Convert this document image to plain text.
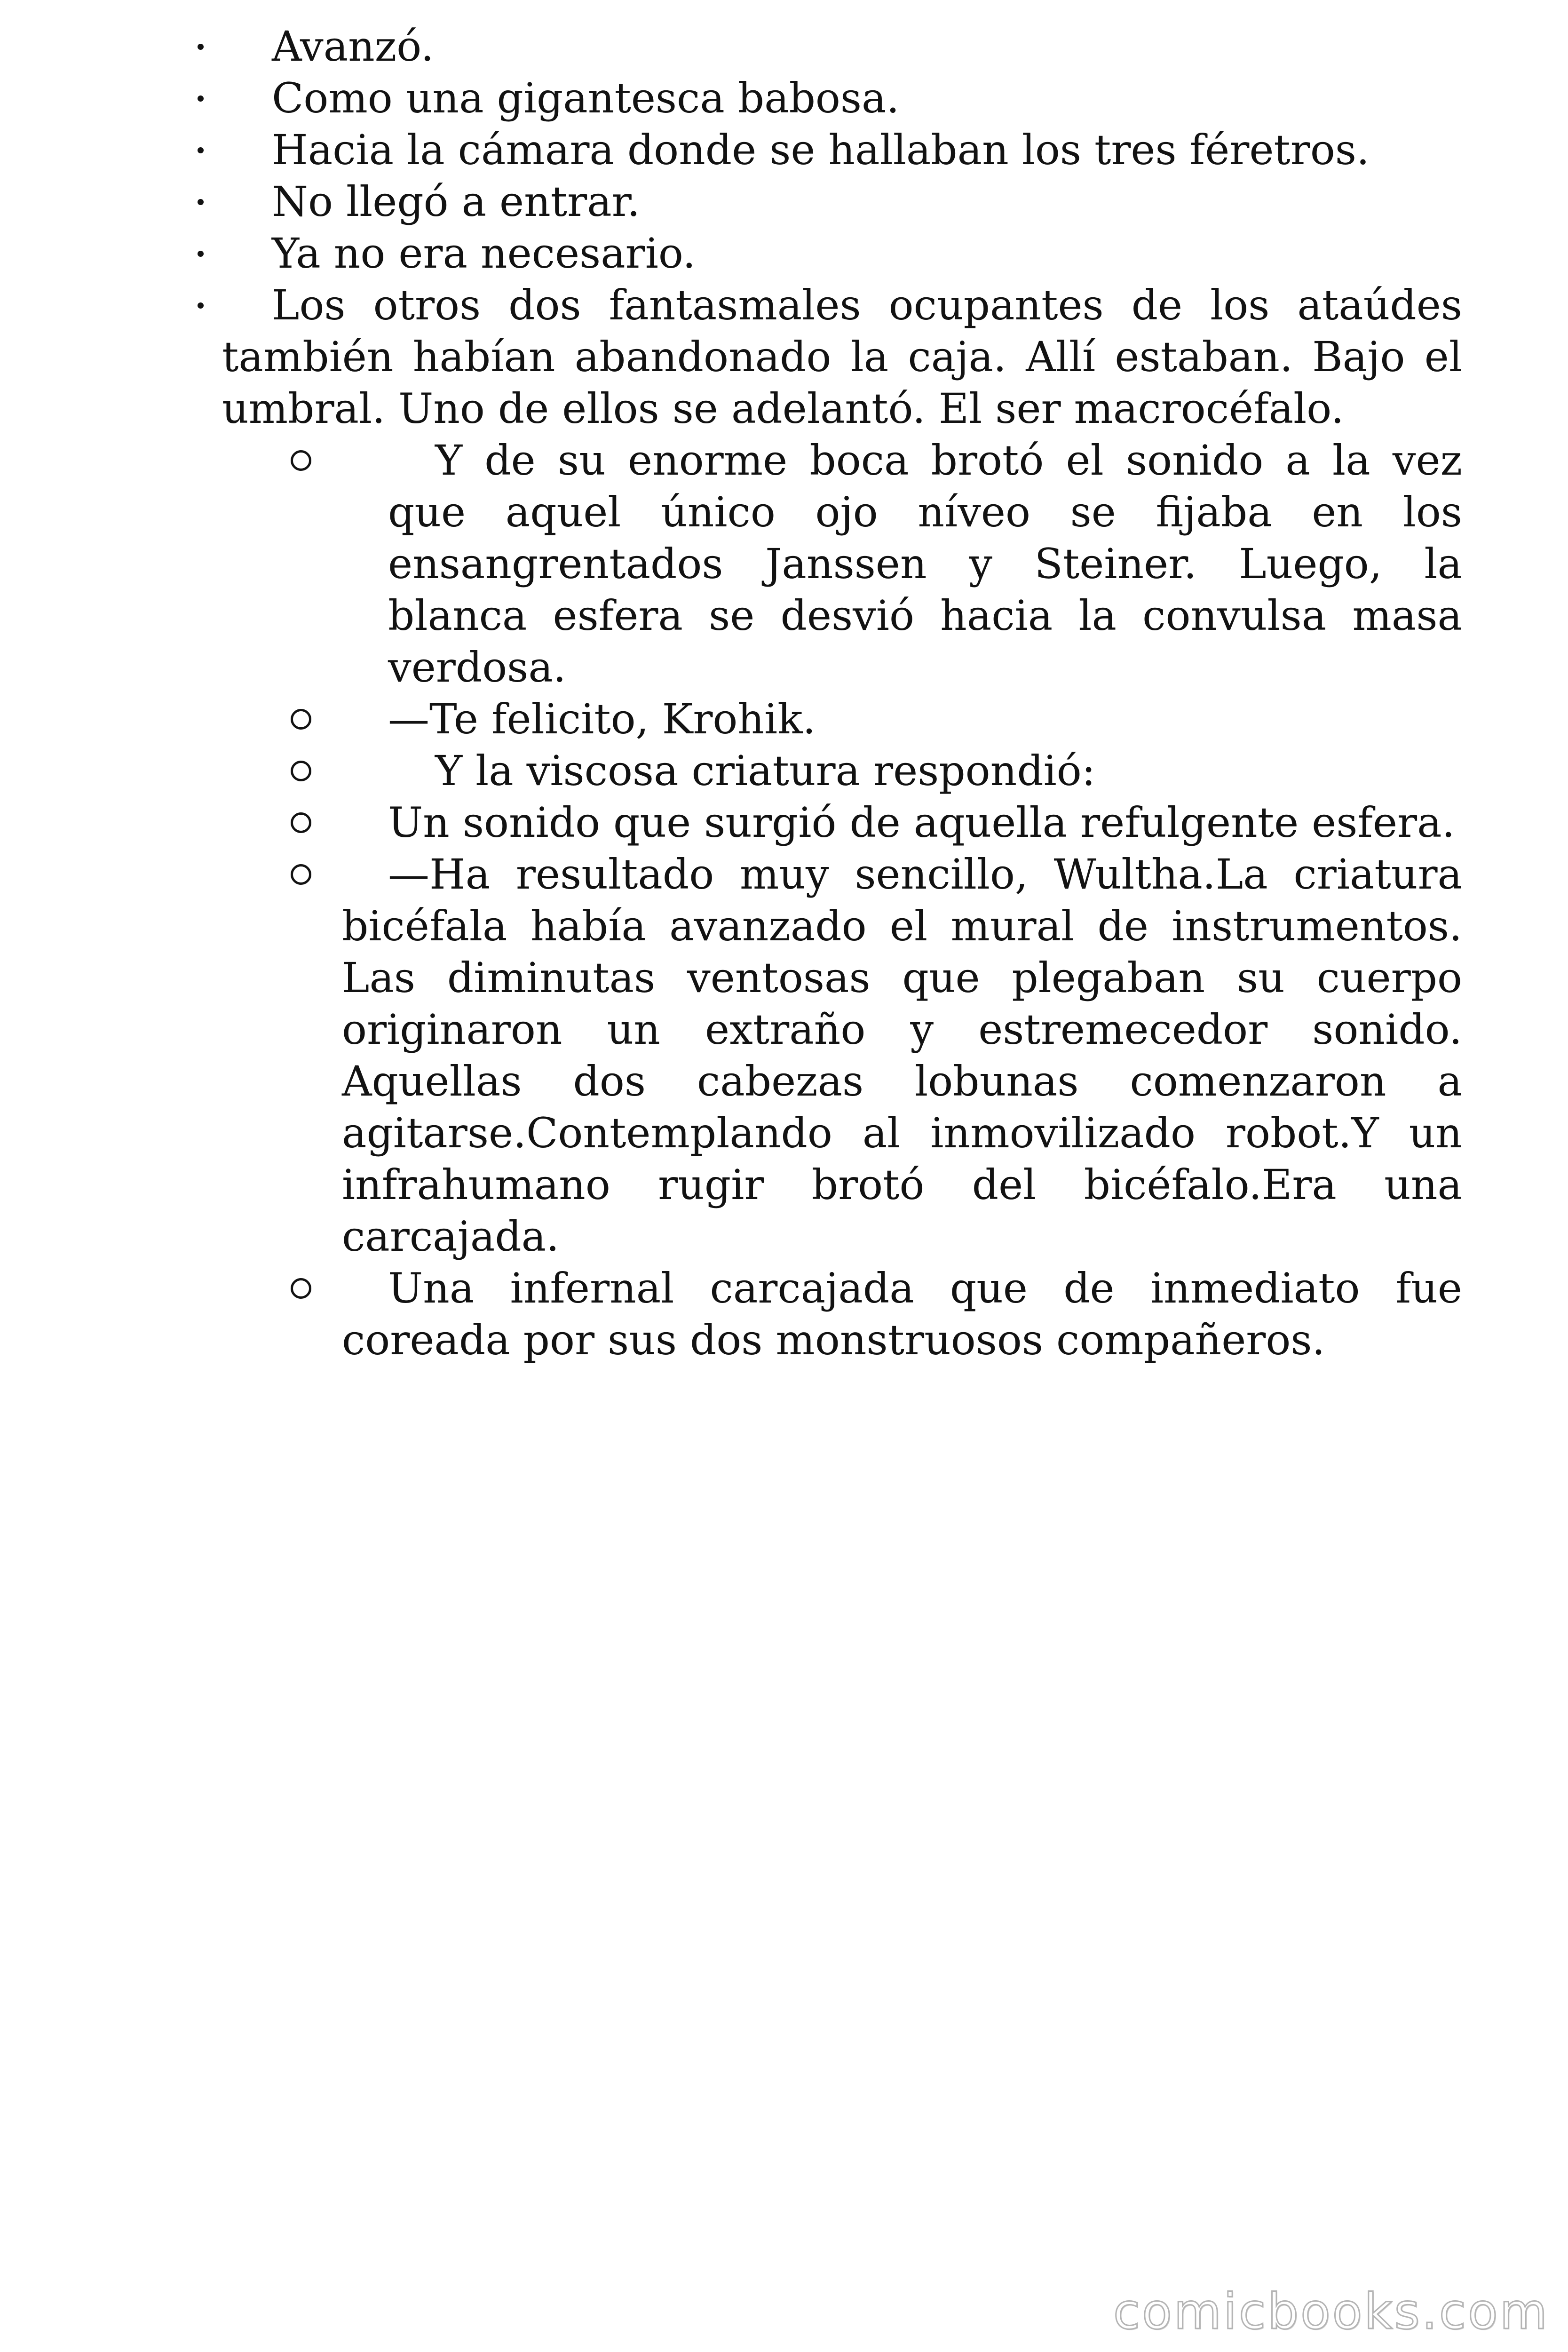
Avanzó.

Como una gigantesca babosa.

Hacia la cámara donde se hallaban los tres féretros.

No llegó a entrar.

Ya no era necesario.

Los otros dos fantasmales ocupantes de los ataúdes también habían abandonado la caja. Allí estaban. Bajo el umbral. Uno de ellos se adelantó. El ser macrocéfalo.

Y de su enorme boca brotó el sonido a la vez que aquel único ojo níveo se fijaba en los ensangrentados Janssen y Steiner. Luego, la blanca esfera se desvió hacia la convulsa masa verdosa.

—Te felicito, Krohik.

Y la viscosa criatura respondió:

Un sonido que surgió de aquella refulgente esfera.

—Ha resultado muy sencillo, Wultha.La criatura bicéfala había avanzado el mural de instrumentos. Las diminutas ventosas que plegaban su cuerpo originaron un extraño y estremecedor sonido. Aquellas dos cabezas lobunas comenzaron a agitarse.Contemplando al inmovilizado robot.Y un infrahumano rugir brotó del bicéfalo.Era una carcajada.

Una infernal carcajada que de inmediato fue coreada por sus dos monstruosos compañeros.

comicbooks.com
